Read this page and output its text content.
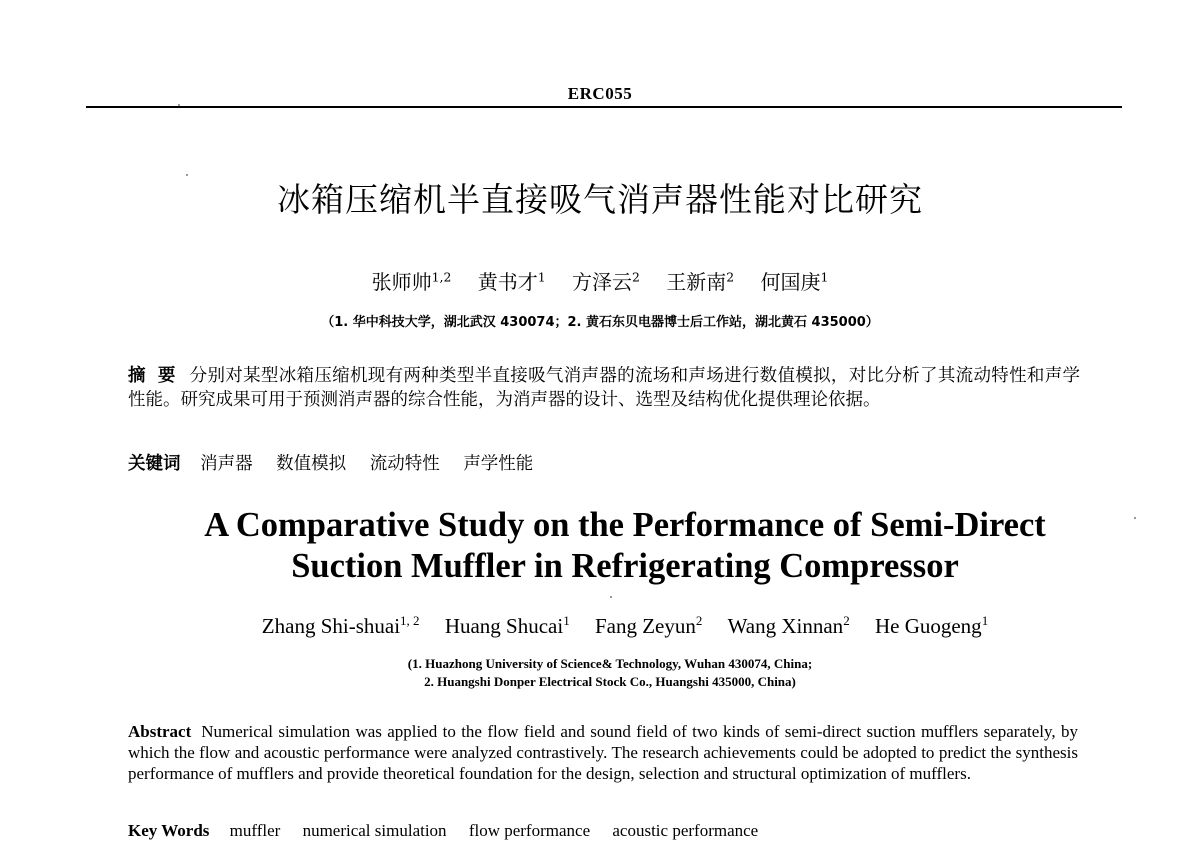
ERC055
冰箱压缩机半直接吸气消声器性能对比研究
张师帅$^{1,2}$ 黄书才$^1$ 方泽云$^2$ 王新南$^2$ 何国庚$^1$
（1. 华中科技大学，湖北武汉 430074；2. 黄石东贝电器博士后工作站，湖北黄石 435000）

摘要 分别对某型冰箱压缩机现有两种类型半直接吸气消声器的流场和声场进行数值模拟，对比分析了其流动特性和声学性能。研究成果可用于预测消声器的综合性能，为消声器的设计、选型及结构优化提供理论依据。

关键词 消声器 数值模拟 流动特性 声学性能
A Comparative Study on the Performance of Semi-Direct
Suction Muffler in Refrigerating Compressor
Zhang Shi-shuai$^{1, 2}$ Huang Shucai$^1$ Fang Zeyun$^2$ Wang Xinnan$^2$ He Guogeng$^1$
(1. Huazhong University of Science& Technology, Wuhan 430074, China;
2. Huangshi Donper Electrical Stock Co., Huangshi 435000, China)

Abstract Numerical simulation was applied to the flow field and sound field of two kinds of semi-direct suction mufflers separately, by which the flow and acoustic performance were analyzed contrastively. The research achievements could be adopted to predict the synthesis performance of mufflers and provide theoretical foundation for the design, selection and structural optimization of mufflers.

Key Words muffler numerical simulation flow performance acoustic performance
